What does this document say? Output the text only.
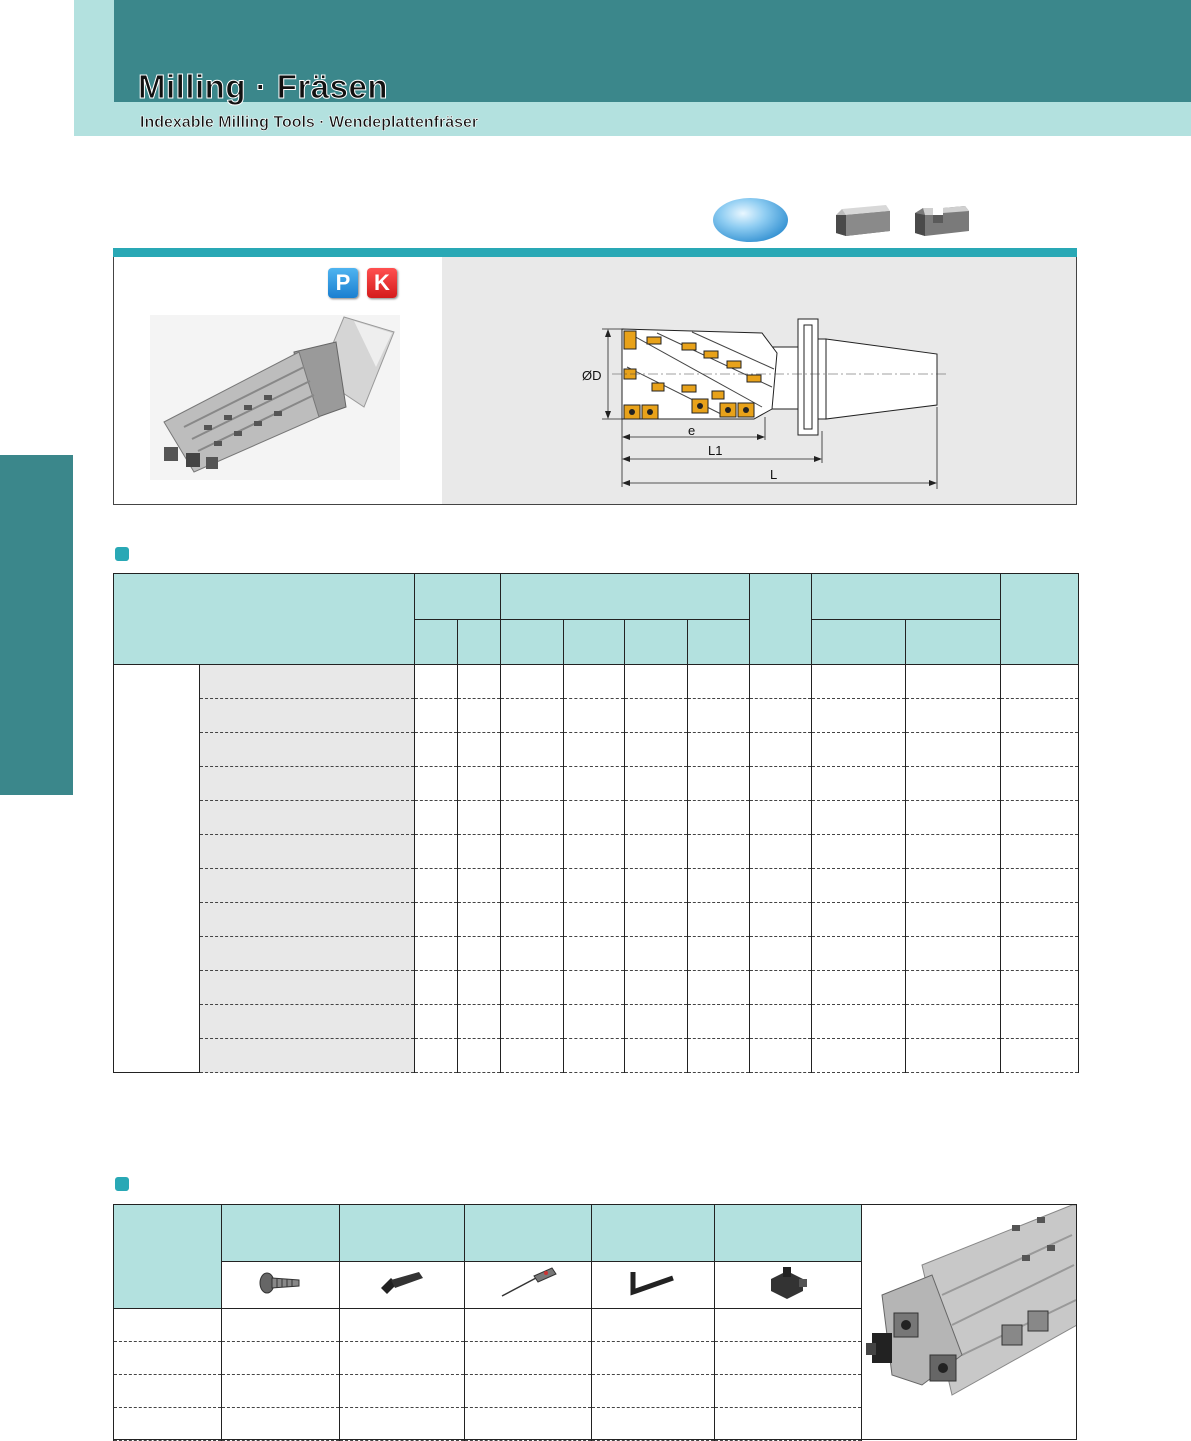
Milling · Fräsen
Indexable Milling Tools · Wendeplattenfräser
ØD
e
L1
L
P	K
